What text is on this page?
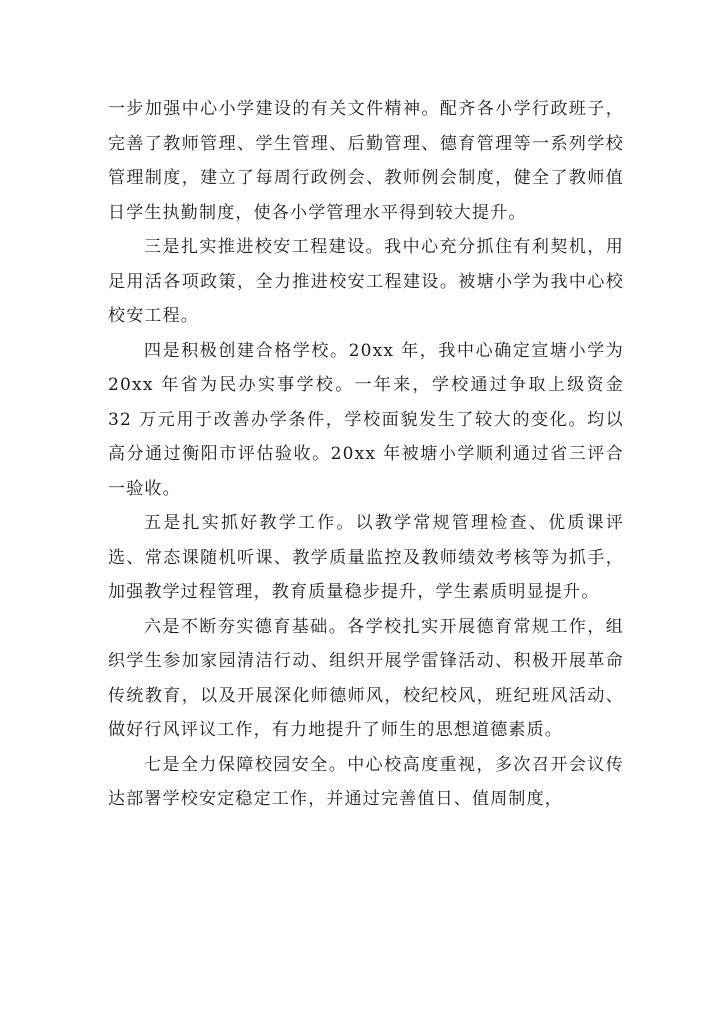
一步加强中心小学建设的有关文件精神。配齐各小学行政班子，完善了教师管理、学生管理、后勤管理、德育管理等一系列学校管理制度，建立了每周行政例会、教师例会制度，健全了教师值日学生执勤制度，使各小学管理水平得到较大提升。

三是扎实推进校安工程建设。我中心充分抓住有利契机，用足用活各项政策，全力推进校安工程建设。被塘小学为我中心校校安工程。

四是积极创建合格学校。20xx 年，我中心确定宣塘小学为 20xx 年省为民办实事学校。一年来，学校通过争取上级资金 32 万元用于改善办学条件，学校面貌发生了较大的变化。均以高分通过衡阳市评估验收。20xx 年被塘小学顺利通过省三评合一验收。

五是扎实抓好教学工作。以教学常规管理检查、优质课评选、常态课随机听课、教学质量监控及教师绩效考核等为抓手，加强教学过程管理，教育质量稳步提升，学生素质明显提升。

六是不断夯实德育基础。各学校扎实开展德育常规工作，组织学生参加家园清洁行动、组织开展学雷锋活动、积极开展革命传统教育，以及开展深化师德师风，校纪校风，班纪班风活动、做好行风评议工作，有力地提升了师生的思想道德素质。

七是全力保障校园安全。中心校高度重视，多次召开会议传达部署学校安定稳定工作，并通过完善值日、值周制度，
